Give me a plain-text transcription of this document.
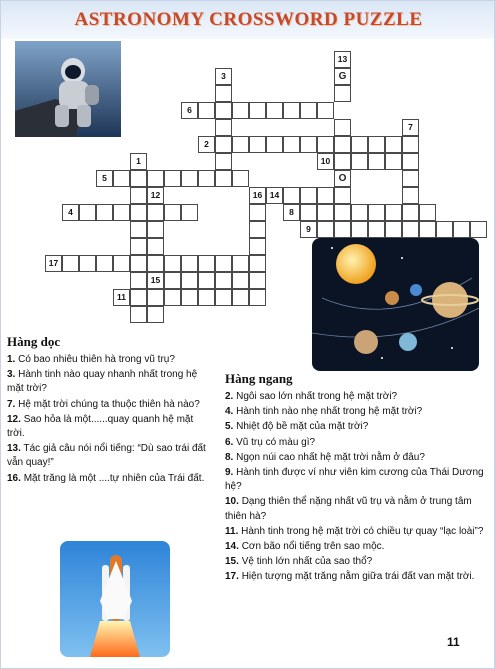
ASTRONOMY CROSSWORD PUZZLE
1
2
3
4
5
6
7
8
9
10
11
12
13
14
15
16
17
G
O
Hàng dọc
1. Có bao nhiêu thiên hà trong vũ trụ?
3. Hành tinh nào quay nhanh nhất trong hệ mặt trời?
7. Hệ mặt trời chúng ta thuộc thiên hà nào?
12. Sao hỏa là một......quay quanh hệ mặt trời.
13. Tác giả câu nói nổi tiếng: “Dù sao trái đất vẫn quay!”
16. Mặt trăng là một ....tự nhiên của Trái đất.
Hàng ngang
2. Ngôi sao lớn nhất trong hệ mặt trời?
4. Hành tinh nào nhẹ nhất trong hệ mặt trời?
5. Nhiệt độ bề mặt của mặt trời?
6. Vũ trụ có màu gì?
8. Ngọn núi cao nhất hệ mặt trời nằm ở đâu?
9. Hành tinh được ví như viên kim cương của Thái Dương hệ?
10. Dạng thiên thể nặng nhất vũ trụ và nằm ở trung tâm thiên hà?
11. Hành tinh trong hệ mặt trời có chiều tự quay “lạc loài”?
14. Cơn bão nổi tiếng trên sao mộc.
15. Vệ tinh lớn nhất của sao thổ?
17. Hiện tượng mặt trăng nằm giữa trái đất van mặt trời.
11
